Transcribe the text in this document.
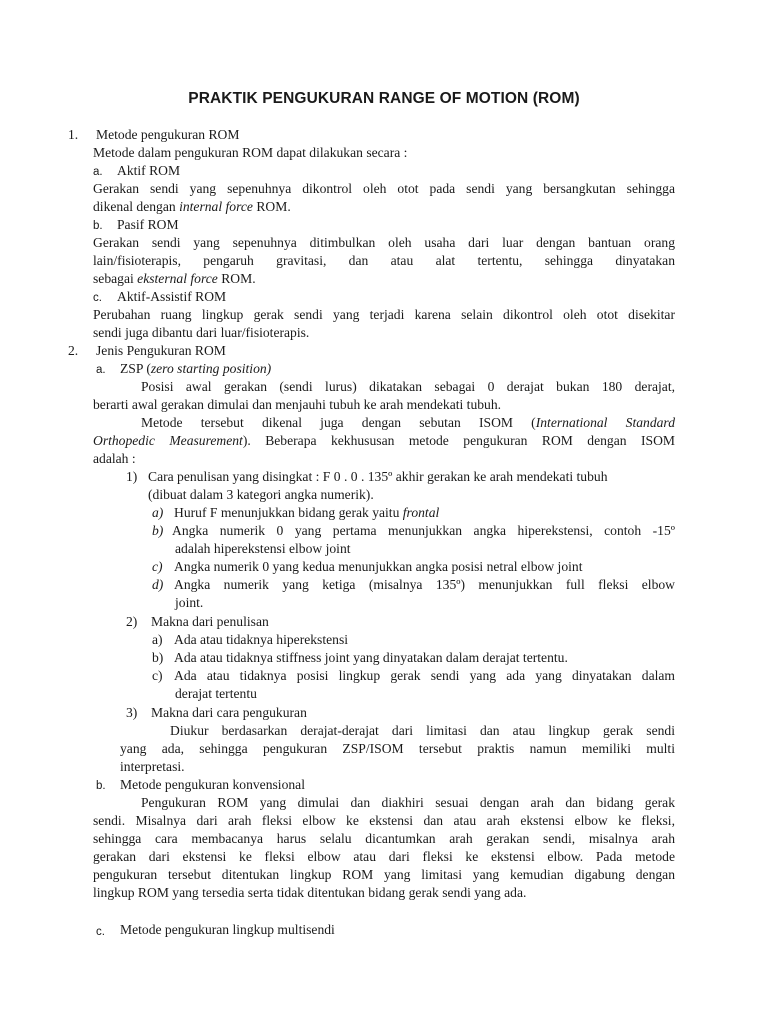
PRAKTIK PENGUKURAN RANGE OF MOTION (ROM)
1. Metode pengukuran ROM
Metode dalam pengukuran ROM dapat dilakukan secara :
a. Aktif ROM
Gerakan sendi yang sepenuhnya dikontrol oleh otot pada sendi yang bersangkutan sehingga
dikenal dengan internal force ROM.
b. Pasif ROM
Gerakan sendi yang sepenuhnya ditimbulkan oleh usaha dari luar dengan bantuan orang
lain/fisioterapis, pengaruh gravitasi, dan atau alat tertentu, sehingga dinyatakan
sebagai eksternal force ROM.
c. Aktif-Assistif ROM
Perubahan ruang lingkup gerak sendi yang terjadi karena selain dikontrol oleh otot disekitar
sendi juga dibantu dari luar/fisioterapis.
2. Jenis Pengukuran ROM
a. ZSP (zero starting position)
Posisi awal gerakan (sendi lurus) dikatakan sebagai 0 derajat bukan 180 derajat,
berarti awal gerakan dimulai dan menjauhi tubuh ke arah mendekati tubuh.
Metode tersebut dikenal juga dengan sebutan ISOM (International Standard
Orthopedic Measurement). Beberapa kekhususan metode pengukuran ROM dengan ISOM
adalah :
1) Cara penulisan yang disingkat : F 0 . 0 . 135º akhir gerakan ke arah mendekati tubuh
(dibuat dalam 3 kategori angka numerik).
a) Huruf F menunjukkan bidang gerak yaitu frontal
b) Angka numerik 0 yang pertama menunjukkan angka hiperekstensi, contoh -15º
adalah hiperekstensi elbow joint
c) Angka numerik 0 yang kedua menunjukkan angka posisi netral elbow joint
d) Angka numerik yang ketiga (misalnya 135º) menunjukkan full fleksi elbow
joint.
2) Makna dari penulisan
a) Ada atau tidaknya hiperekstensi
b) Ada atau tidaknya stiffness joint yang dinyatakan dalam derajat tertentu.
c) Ada atau tidaknya posisi lingkup gerak sendi yang ada yang dinyatakan dalam
derajat tertentu
3) Makna dari cara pengukuran
Diukur berdasarkan derajat-derajat dari limitasi dan atau lingkup gerak sendi
yang ada, sehingga pengukuran ZSP/ISOM tersebut praktis namun memiliki multi
interpretasi.
b. Metode pengukuran konvensional
Pengukuran ROM yang dimulai dan diakhiri sesuai dengan arah dan bidang gerak
sendi. Misalnya dari arah fleksi elbow ke ekstensi dan atau arah ekstensi elbow ke fleksi,
sehingga cara membacanya harus selalu dicantumkan arah gerakan sendi, misalnya arah
gerakan dari ekstensi ke fleksi elbow atau dari fleksi ke ekstensi elbow. Pada metode
pengukuran tersebut ditentukan lingkup ROM yang limitasi yang kemudian digabung dengan
lingkup ROM yang tersedia serta tidak ditentukan bidang gerak sendi yang ada.
c. Metode pengukuran lingkup multisendi
